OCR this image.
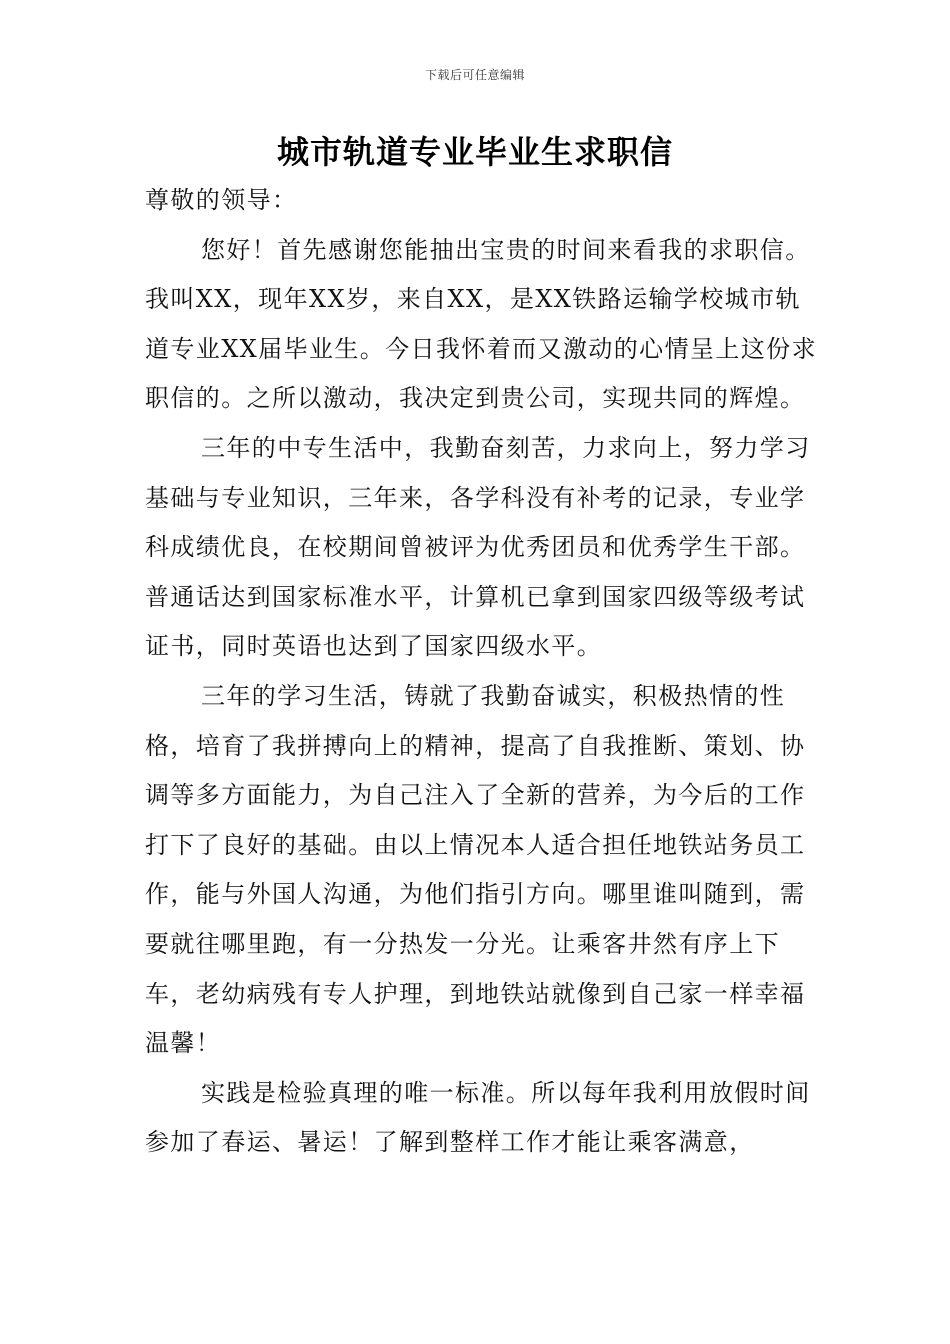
下载后可任意编辑
城市轨道专业毕业生求职信

尊敬的领导：

您好！首先感谢您能抽出宝贵的时间来看我的求职信。我叫XX，现年XX岁，来自XX，是XX铁路运输学校城市轨道专业XX届毕业生。今日我怀着而又激动的心情呈上这份求职信的。之所以激动，我决定到贵公司，实现共同的辉煌。

三年的中专生活中，我勤奋刻苦，力求向上，努力学习基础与专业知识，三年来，各学科没有补考的记录，专业学科成绩优良，在校期间曾被评为优秀团员和优秀学生干部。普通话达到国家标准水平，计算机已拿到国家四级等级考试证书，同时英语也达到了国家四级水平。

三年的学习生活，铸就了我勤奋诚实，积极热情的性格，培育了我拼搏向上的精神，提高了自我推断、策划、协调等多方面能力，为自己注入了全新的营养，为今后的工作打下了良好的基础。由以上情况本人适合担任地铁站务员工作，能与外国人沟通，为他们指引方向。哪里谁叫随到，需要就往哪里跑，有一分热发一分光。让乘客井然有序上下车，老幼病残有专人护理，到地铁站就像到自己家一样幸福温馨！

实践是检验真理的唯一标准。所以每年我利用放假时间参加了春运、暑运！了解到整样工作才能让乘客满意，
